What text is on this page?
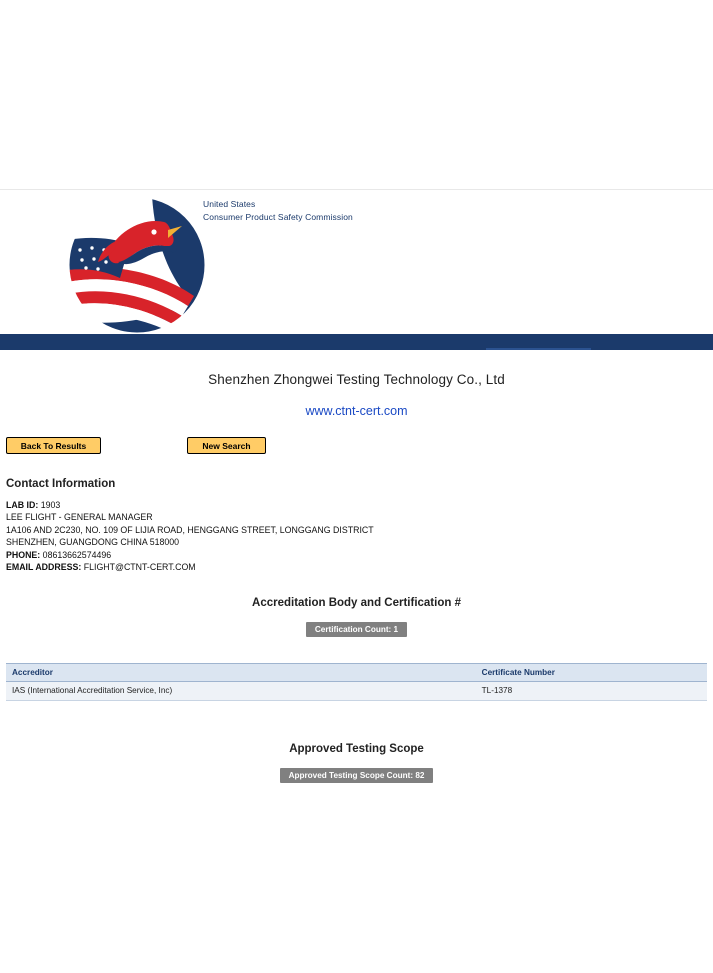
United States
Consumer Product Safety Commission
Shenzhen Zhongwei Testing Technology Co., Ltd
www.ctnt-cert.com
Back To Results	New Search
Contact Information
LAB ID: 1903
LEE FLIGHT - GENERAL MANAGER
1A106 AND 2C230, NO. 109 OF LIJIA ROAD, HENGGANG STREET, LONGGANG DISTRICT
SHENZHEN, GUANGDONG CHINA 518000
PHONE: 08613662574496
EMAIL ADDRESS: FLIGHT@CTNT-CERT.COM
Accreditation Body and Certification #
Certification Count: 1
Accreditor	Certificate Number
IAS (International Accreditation Service, Inc)	TL-1378
Approved Testing Scope
Approved Testing Scope Count: 82
